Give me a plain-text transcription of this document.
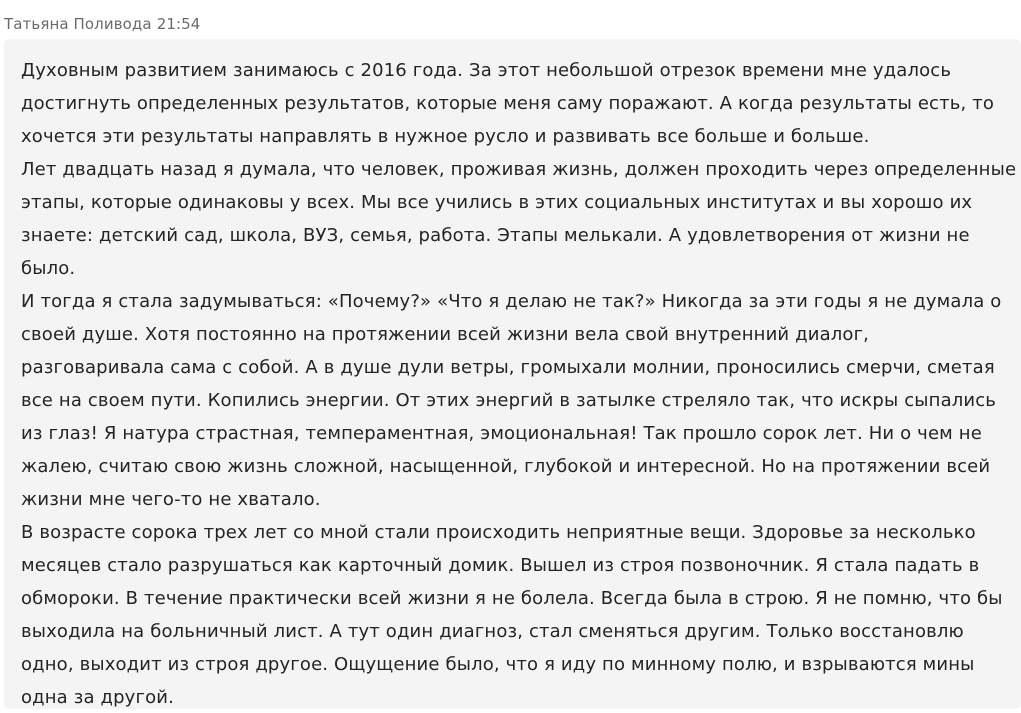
Татьяна Поливода 21:54

Духовным развитием занимаюсь с 2016 года. За этот небольшой отрезок времени мне удалось достигнуть определенных результатов, которые меня саму поражают. А когда результаты есть, то хочется эти результаты направлять в нужное русло и развивать все больше и больше.

Лет двадцать назад я думала, что человек, проживая жизнь, должен проходить через определенные этапы, которые одинаковы у всех. Мы все учились в этих социальных институтах и вы хорошо их знаете: детский сад, школа, ВУЗ, семья, работа. Этапы мелькали. А удовлетворения от жизни не было.

И тогда я стала задумываться: «Почему?» «Что я делаю не так?» Никогда за эти годы я не думала о своей душе. Хотя постоянно на протяжении всей жизни вела свой внутренний диалог, разговаривала сама с собой. А в душе дули ветры, громыхали молнии, проносились смерчи, сметая все на своем пути. Копились энергии. От этих энергий в затылке стреляло так, что искры сыпались из глаз! Я натура страстная, темпераментная, эмоциональная! Так прошло сорок лет. Ни о чем не жалею, считаю свою жизнь сложной, насыщенной, глубокой и интересной. Но на протяжении всей жизни мне чего-то не хватало.

В возрасте сорока трех лет со мной стали происходить неприятные вещи. Здоровье за несколько месяцев стало разрушаться как карточный домик. Вышел из строя позвоночник. Я стала падать в обмороки. В течение практически всей жизни я не болела. Всегда была в строю. Я не помню, что бы выходила на больничный лист. А тут один диагноз, стал сменяться другим. Только восстановлю одно, выходит из строя другое. Ощущение было, что я иду по минному полю, и взрываются мины одна за другой.
